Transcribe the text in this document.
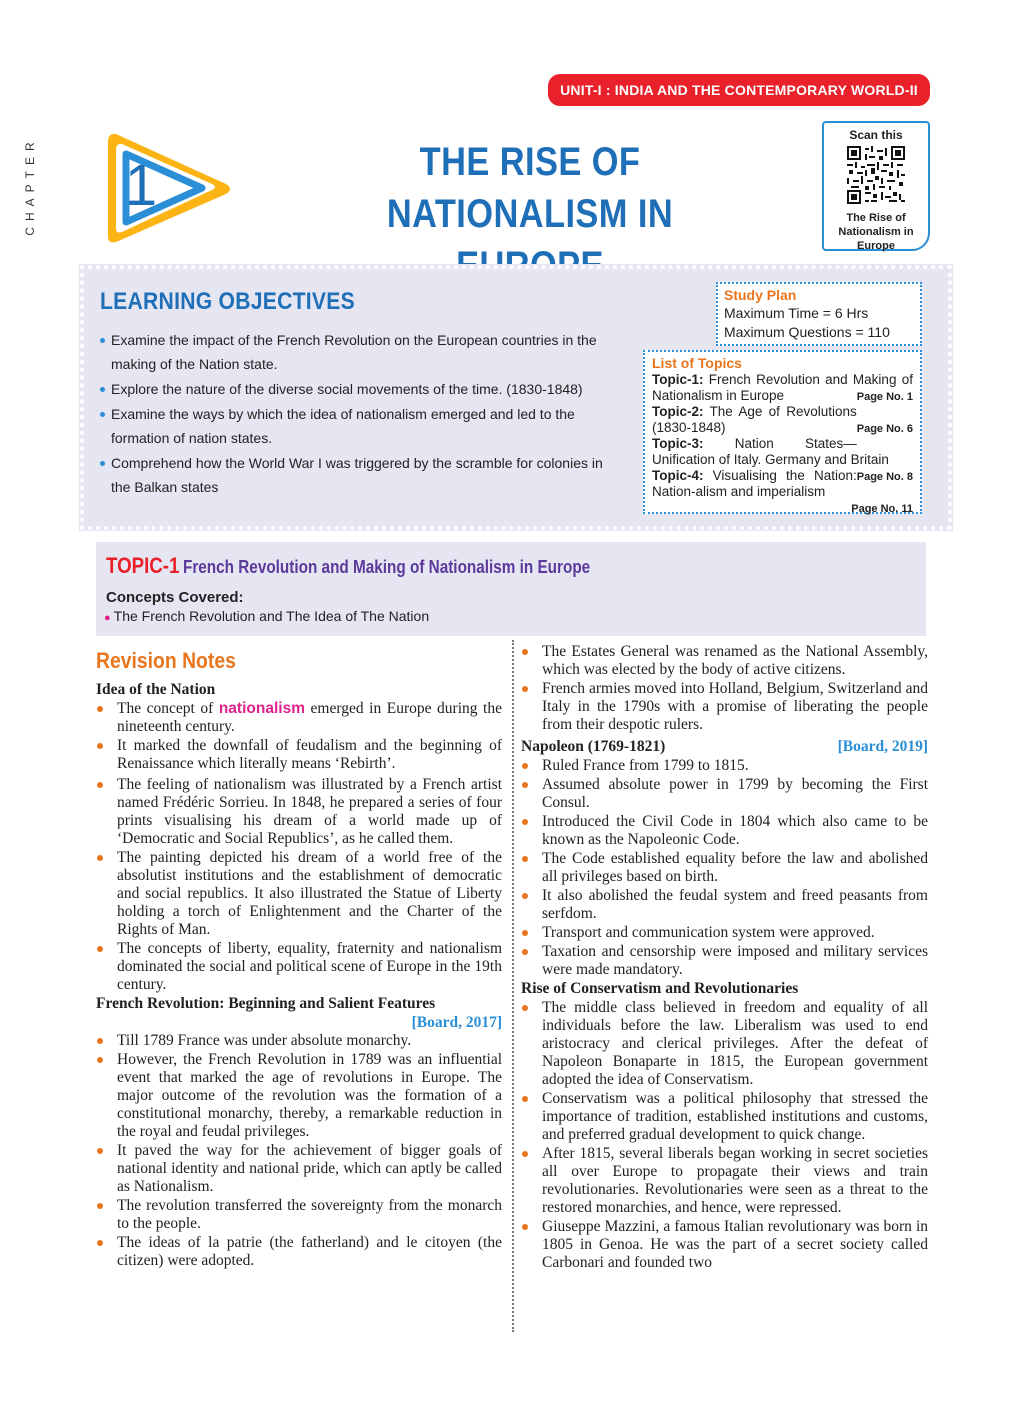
UNIT-I : INDIA AND THE CONTEMPORARY WORLD-II
CHAPTER 1	THE RISE OF NATIONALISM IN
Scan this
The Rise of
Nationalism in
Europe
LEARNING OBJECTIVES
Examine the impact of the French Revolution on the European countries in the making of the Nation state.
Explore the nature of the diverse social movements of the time. (1830-1848)
Examine the ways by which the idea of nationalism emerged and led to the formation of nation states.
Comprehend how the World War I was triggered by the scramble for colonies in the Balkan states
Study Plan
Maximum Time = 6 Hrs
Maximum Questions = 110
List of Topics
Topic-1: French Revolution and Making of Nationalism in Europe	Page No. 1
Topic-2: The Age of Revolutions (1830-1848)	Page No. 6
Topic-3: Nation States—Unification of Italy. Germany and Britain
Page No. 8
Topic-4: Visualising the Nation: Nation-alism and imperialism
Page No. 11
TOPIC-1 French Revolution and Making of Nationalism in Europe
Concepts Covered:
● The French Revolution and The Idea of The Nation
Revision Notes
Idea of the Nation
The concept of nationalism emerged in Europe during the nineteenth century.
It marked the downfall of feudalism and the beginning of Renaissance which literally means ‘Rebirth’.
The feeling of nationalism was illustrated by a French artist named Frédéric Sorrieu. In 1848, he prepared a series of four prints visualising his dream of a world made up of ‘Democratic and Social Republics’, as he called them.
The painting depicted his dream of a world free of the absolutist institutions and the establishment of democratic and social republics. It also illustrated the Statue of Liberty holding a torch of Enlightenment and the Charter of the Rights of Man.
The concepts of liberty, equality, fraternity and nationalism dominated the social and political scene of Europe in the 19th century.
French Revolution: Beginning and Salient Features
[Board, 2017]
Till 1789 France was under absolute monarchy.
However, the French Revolution in 1789 was an influential event that marked the age of revolutions in Europe. The major outcome of the revolution was the formation of a constitutional monarchy, thereby, a remarkable reduction in the royal and feudal privileges.
It paved the way for the achievement of bigger goals of national identity and national pride, which can aptly be called as Nationalism.
The revolution transferred the sovereignty from the monarch to the people.
The ideas of la patrie (the fatherland) and le citoyen (the citizen) were adopted.
The Estates General was renamed as the National Assembly, which was elected by the body of active citizens.
French armies moved into Holland, Belgium, Switzerland and Italy in the 1790s with a promise of liberating the people from their despotic rulers.
Napoleon (1769-1821)	[Board, 2019]
Ruled France from 1799 to 1815.
Assumed absolute power in 1799 by becoming the First Consul.
Introduced the Civil Code in 1804 which also came to be known as the Napoleonic Code.
The Code established equality before the law and abolished all privileges based on birth.
It also abolished the feudal system and freed peasants from serfdom.
Transport and communication system were approved.
Taxation and censorship were imposed and military services were made mandatory.
Rise of Conservatism and Revolutionaries
The middle class believed in freedom and equality of all individuals before the law. Liberalism was used to end aristocracy and clerical privileges. After the defeat of Napoleon Bonaparte in 1815, the European government adopted the idea of Conservatism.
Conservatism was a political philosophy that stressed the importance of tradition, established institutions and customs, and preferred gradual development to quick change.
After 1815, several liberals began working in secret societies all over Europe to propagate their views and train revolutionaries. Revolutionaries were seen as a threat to the restored monarchies, and hence, were repressed.
Giuseppe Mazzini, a famous Italian revolutionary was born in 1805 in Genoa. He was the part of a secret society called Carbonari and founded two
